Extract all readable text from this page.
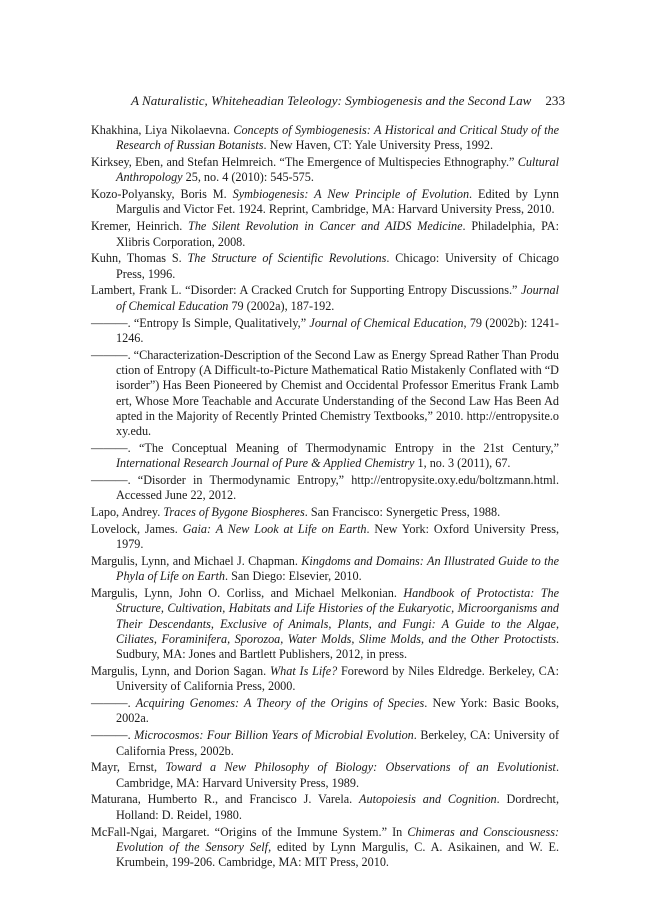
A Naturalistic, Whiteheadian Teleology: Symbiogenesis and the Second Law 233

Khakhina, Liya Nikolaevna. Concepts of Symbiogenesis: A Historical and Critical Study of the Research of Russian Botanists. New Haven, CT: Yale University Press, 1992.

Kirksey, Eben, and Stefan Helmreich. “The Emergence of Multispecies Ethnography.” Cultural Anthropology 25, no. 4 (2010): 545-575.

Kozo-Polyansky, Boris M. Symbiogenesis: A New Principle of Evolution. Edited by Lynn Margulis and Victor Fet. 1924. Reprint, Cambridge, MA: Harvard University Press, 2010.

Kremer, Heinrich. The Silent Revolution in Cancer and AIDS Medicine. Philadelphia, PA: Xlibris Corporation, 2008.

Kuhn, Thomas S. The Structure of Scientific Revolutions. Chicago: University of Chicago Press, 1996.

Lambert, Frank L. “Disorder: A Cracked Crutch for Supporting Entropy Discussions.” Journal of Chemical Education 79 (2002a), 187-192.

———. “Entropy Is Simple, Qualitatively,” Journal of Chemical Education, 79 (2002b): 1241-1246.

———. “Characterization-Description of the Second Law as Energy Spread Rather Than Production of Entropy (A Difficult-to-Picture Mathematical Ratio Mistakenly Conflated with “Disorder”) Has Been Pioneered by Chemist and Occidental Professor Emeritus Frank Lambert, Whose More Teachable and Accurate Understanding of the Second Law Has Been Adapted in the Majority of Recently Printed Chemistry Textbooks,” 2010. http://entropysite.oxy.edu.

———. “The Conceptual Meaning of Thermodynamic Entropy in the 21st Century,” International Research Journal of Pure & Applied Chemistry 1, no. 3 (2011), 67.

———. “Disorder in Thermodynamic Entropy,” http://entropysite.oxy.edu/boltzmann.html. Accessed June 22, 2012.

Lapo, Andrey. Traces of Bygone Biospheres. San Francisco: Synergetic Press, 1988.

Lovelock, James. Gaia: A New Look at Life on Earth. New York: Oxford University Press, 1979.

Margulis, Lynn, and Michael J. Chapman. Kingdoms and Domains: An Illustrated Guide to the Phyla of Life on Earth. San Diego: Elsevier, 2010.

Margulis, Lynn, John O. Corliss, and Michael Melkonian. Handbook of Protoctista: The Structure, Cultivation, Habitats and Life Histories of the Eukaryotic, Microorganisms and Their Descendants, Exclusive of Animals, Plants, and Fungi: A Guide to the Algae, Ciliates, Foraminifera, Sporozoa, Water Molds, Slime Molds, and the Other Protoctists. Sudbury, MA: Jones and Bartlett Publishers, 2012, in press.

Margulis, Lynn, and Dorion Sagan. What Is Life? Foreword by Niles Eldredge. Berkeley, CA: University of California Press, 2000.

———. Acquiring Genomes: A Theory of the Origins of Species. New York: Basic Books, 2002a.

———. Microcosmos: Four Billion Years of Microbial Evolution. Berkeley, CA: University of California Press, 2002b.

Mayr, Ernst, Toward a New Philosophy of Biology: Observations of an Evolutionist. Cambridge, MA: Harvard University Press, 1989.

Maturana, Humberto R., and Francisco J. Varela. Autopoiesis and Cognition. Dordrecht, Holland: D. Reidel, 1980.

McFall-Ngai, Margaret. “Origins of the Immune System.” In Chimeras and Consciousness: Evolution of the Sensory Self, edited by Lynn Margulis, C. A. Asikainen, and W. E. Krumbein, 199-206. Cambridge, MA: MIT Press, 2010.
